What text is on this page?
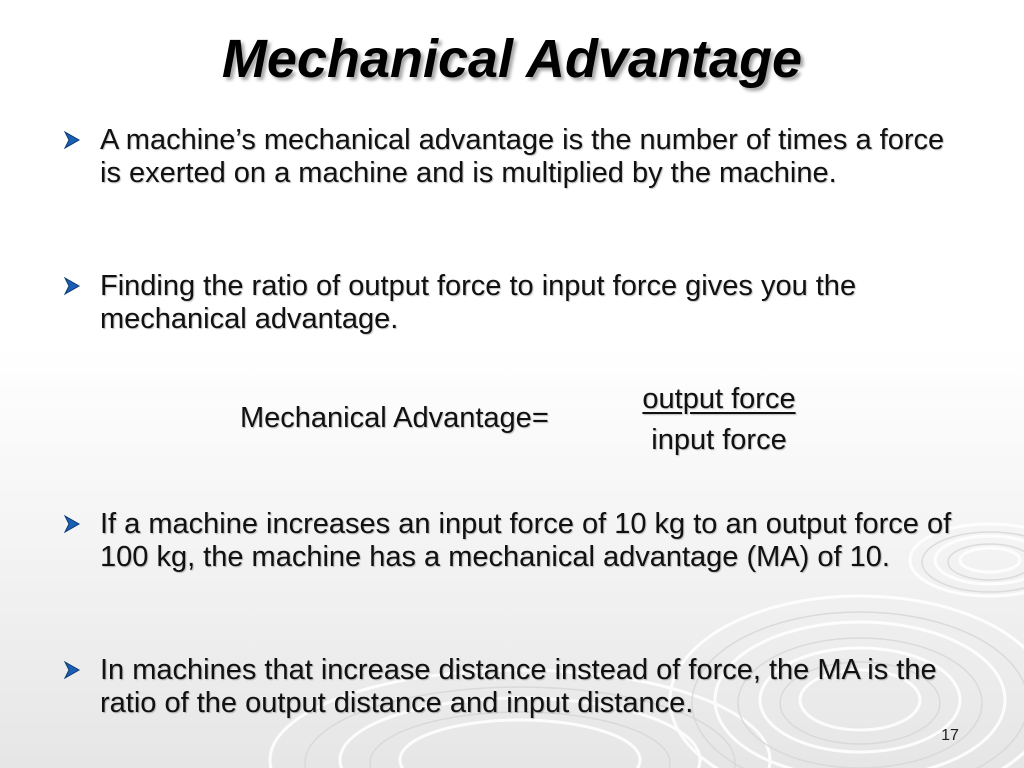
Mechanical Advantage
A machine’s mechanical advantage is the number of times a force is exerted on a machine and is multiplied by the machine.
Finding the ratio of output force to input force gives you the mechanical advantage.
Mechanical Advantage=
output force
input force
If a machine increases an input force of 10 kg to an output force of 100 kg, the machine has a mechanical advantage (MA) of 10.
In machines that increase distance instead of force, the MA is the ratio of the output distance and input distance.
17
